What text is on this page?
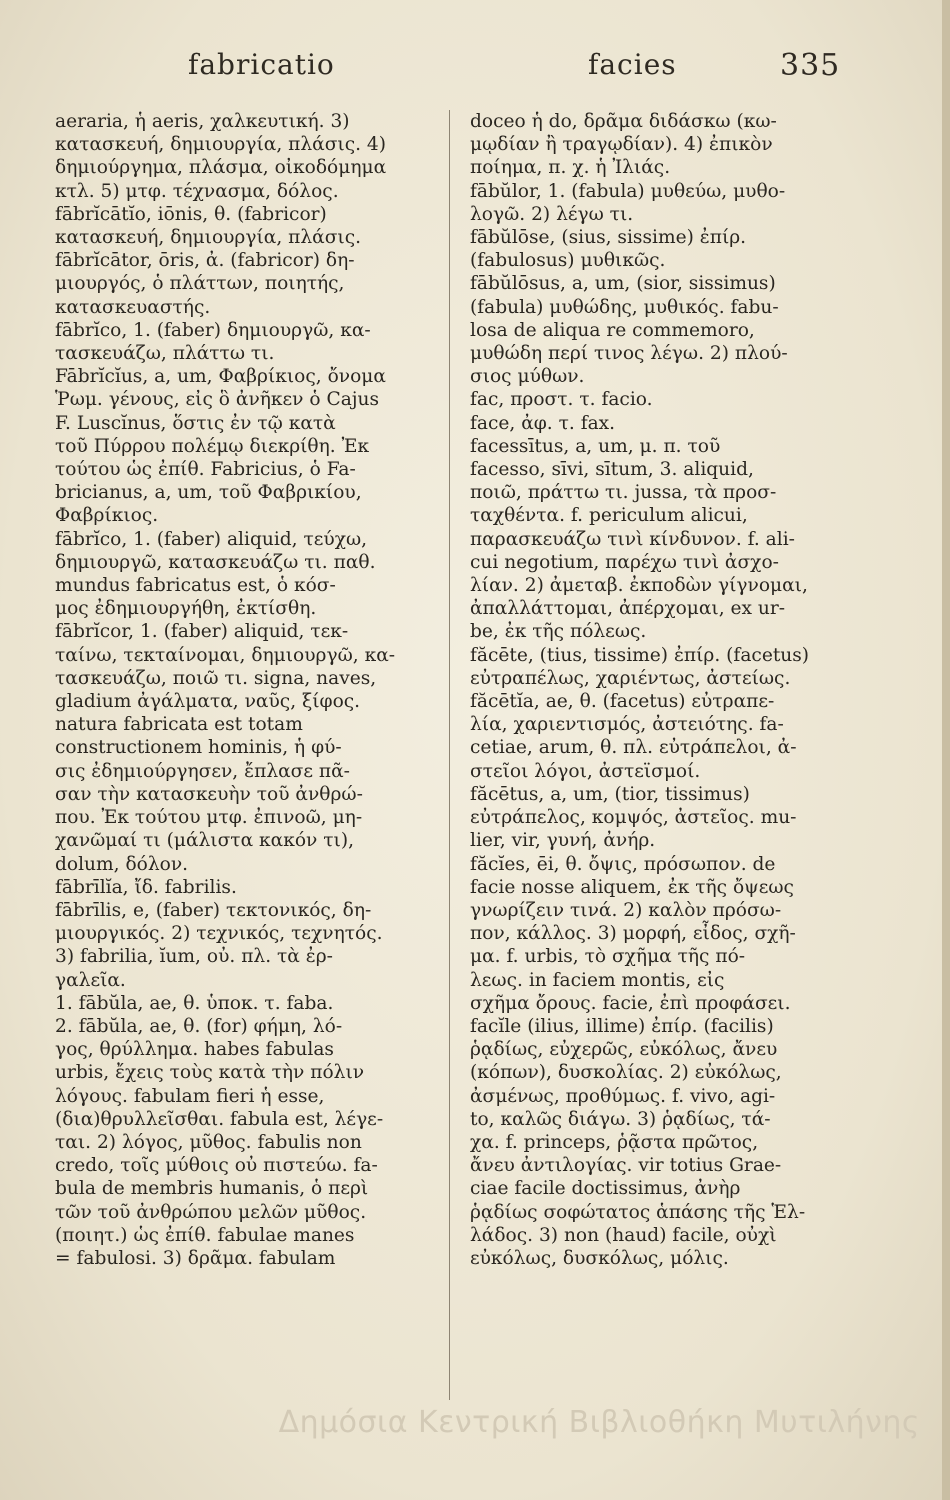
fabricatio	facies	335
aeraria, ἡ aeris, χαλκευτική. 3)
κατασκευή, δημιουργία, πλάσις. 4)
δημιούργημα, πλάσμα, οἰκοδόμημα
κτλ. 5) μτφ. τέχνασμα, δόλος.
fābrĭcātĭo, iōnis, θ. (fabricor)
κατασκευή, δημιουργία, πλάσις.
fābrĭcātor, ōris, ἀ. (fabricor) δη-
μιουργός, ὁ πλάττων, ποιητής,
κατασκευαστής.
fābrĭco, 1. (faber) δημιουργῶ, κα-
τασκευάζω, πλάττω τι.
Fābrĭcĭus, a, um, Φαβρίκιος, ὄνομα
Ῥωμ. γένους, εἰς ὃ ἀνῆκεν ὁ Cajus
F. Luscĭnus, ὅστις ἐν τῷ κατὰ
τοῦ Πύρρου πολέμῳ διεκρίθη. Ἐκ
τούτου ὡς ἐπίθ. Fabricius, ὁ Fa-
bricianus, a, um, τοῦ Φαβρικίου,
Φαβρίκιος.
fābrĭco, 1. (faber) aliquid, τεύχω,
δημιουργῶ, κατασκευάζω τι. παθ.
mundus fabricatus est, ὁ κόσ-
μος ἐδημιουργήθη, ἐκτίσθη.
fābrĭcor, 1. (faber) aliquid, τεκ-
ταίνω, τεκταίνομαι, δημιουργῶ, κα-
τασκευάζω, ποιῶ τι. signa, naves,
gladium ἀγάλματα, ναῦς, ξίφος.
natura fabricata est totam
constructionem hominis, ἡ φύ-
σις ἐδημιούργησεν, ἔπλασε πᾶ-
σαν τὴν κατασκευὴν τοῦ ἀνθρώ-
που. Ἐκ τούτου μτφ. ἐπινοῶ, μη-
χανῶμαί τι (μάλιστα κακόν τι),
dolum, δόλον.
fābrīlĭa, ἴδ. fabrilis.
fābrīlis, e, (faber) τεκτονικός, δη-
μιουργικός. 2) τεχνικός, τεχνητός.
3) fabrilia, ĭum, οὐ. πλ. τὰ ἐρ-
γαλεῖα.
1. fābŭla, ae, θ. ὑποκ. τ. faba.
2. fābŭla, ae, θ. (for) φήμη, λό-
γος, θρύλλημα. habes fabulas
urbis, ἔχεις τοὺς κατὰ τὴν πόλιν
λόγους. fabulam fieri ἡ esse,
(δια)θρυλλεῖσθαι. fabula est, λέγε-
ται. 2) λόγος, μῦθος. fabulis non
credo, τοῖς μύθοις οὐ πιστεύω. fa-
bula de membris humanis, ὁ περὶ
τῶν τοῦ ἀνθρώπου μελῶν μῦθος.
(ποιητ.) ὡς ἐπίθ. fabulae manes
= fabulosi. 3) δρᾶμα. fabulam
doceo ἡ do, δρᾶμα διδάσκω (κω-
μῳδίαν ἢ τραγῳδίαν). 4) ἐπικὸν
ποίημα, π. χ. ἡ Ἰλιάς.
fābŭlor, 1. (fabula) μυθεύω, μυθο-
λογῶ. 2) λέγω τι.
fābŭlōse, (sius, sissime) ἐπίρ.
(fabulosus) μυθικῶς.
fābŭlōsus, a, um, (sior, sissimus)
(fabula) μυθώδης, μυθικός. fabu-
losa de aliqua re commemoro,
μυθώδη περί τινος λέγω. 2) πλού-
σιος μύθων.
fac, προστ. τ. facio.
face, ἀφ. τ. fax.
facessītus, a, um, μ. π. τοῦ
facesso, sīvi, sītum, 3. aliquid,
ποιῶ, πράττω τι. jussa, τὰ προσ-
ταχθέντα. f. periculum alicui,
παρασκευάζω τινὶ κίνδυνον. f. ali-
cui negotium, παρέχω τινὶ ἀσχο-
λίαν. 2) ἀμεταβ. ἐκποδὼν γίγνομαι,
ἀπαλλάττομαι, ἀπέρχομαι, ex ur-
be, ἐκ τῆς πόλεως.
făcēte, (tius, tissime) ἐπίρ. (facetus)
εὐτραπέλως, χαριέντως, ἀστείως.
făcētĭa, ae, θ. (facetus) εὐτραπε-
λία, χαριεντισμός, ἀστειότης. fa-
cetiae, arum, θ. πλ. εὐτράπελοι, ἀ-
στεῖοι λόγοι, ἀστεϊσμοί.
făcētus, a, um, (tior, tissimus)
εὐτράπελος, κομψός, ἀστεῖος. mu-
lier, vir, γυνή, ἀνήρ.
făcĭes, ēi, θ. ὄψις, πρόσωπον. de
facie nosse aliquem, ἐκ τῆς ὄψεως
γνωρίζειν τινά. 2) καλὸν πρόσω-
πον, κάλλος. 3) μορφή, εἶδος, σχῆ-
μα. f. urbis, τὸ σχῆμα τῆς πό-
λεως. in faciem montis, εἰς
σχῆμα ὄρους. facie, ἐπὶ προφάσει.
facĭle (ilius, illime) ἐπίρ. (facilis)
ῥᾳδίως, εὐχερῶς, εὐκόλως, ἄνευ
(κόπων), δυσκολίας. 2) εὐκόλως,
ἀσμένως, προθύμως. f. vivo, agi-
to, καλῶς διάγω. 3) ῥᾳδίως, τά-
χα. f. princeps, ῥᾷστα πρῶτος,
ἄνευ ἀντιλογίας. vir totius Grae-
ciae facile doctissimus, ἀνὴρ
ῥᾳδίως σοφώτατος ἁπάσης τῆς Ἑλ-
λάδος. 3) non (haud) facile, οὐχὶ
εὐκόλως, δυσκόλως, μόλις.
Δημόσια Κεντρική Βιβλιοθήκη Μυτιλήνης
